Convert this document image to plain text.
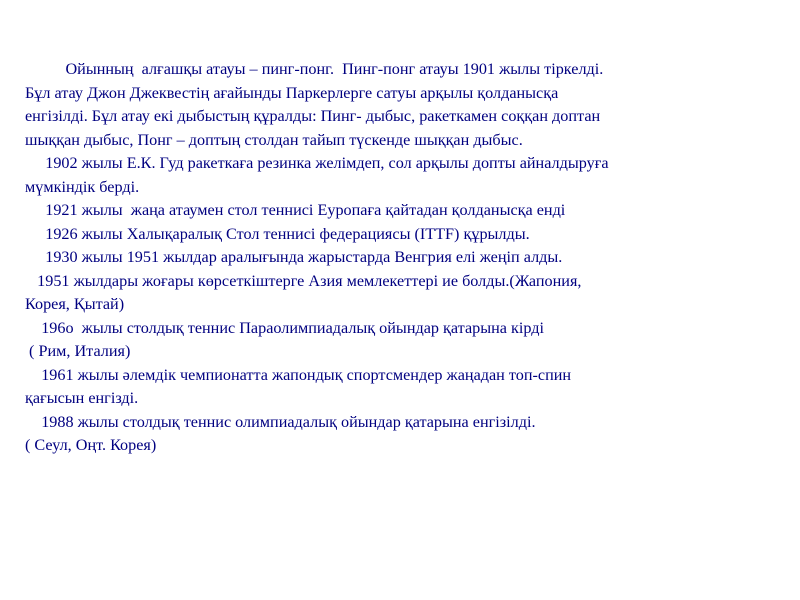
Ойынның  алғашқы атауы – пинг-понг.  Пинг-понг атауы 1901 жылы тіркелді.

Бұл атау Джон Джеквестің ағайынды Паркерлерге сатуы арқылы қолданысқа

енгізілді. Бұл атау екі дыбыстың құралды: Пинг- дыбыс, ракеткамен соққан доптан

шыққан дыбыс, Понг – доптың столдан тайып түскенде шыққан дыбыс.

1902 жылы Е.К. Гуд ракеткаға резинка желімдеп, сол арқылы допты айналдыруға

мүмкіндік берді.

1921 жылы  жаңа атаумен стол теннисі Еуропаға қайтадан қолданысқа енді

1926 жылы Халықаралық Стол теннисі федерациясы (ITTF) құрылды.

1930 жылы 1951 жылдар аралығында жарыстарда Венгрия елі жеңіп алды.

1951 жылдары жоғары көрсеткіштерге Азия мемлекеттері ие болды.(Жапония,

Корея, Қытай)

196о  жылы столдық теннис Параолимпиадалық ойындар қатарына кірді

( Рим, Италия)

1961 жылы әлемдік чемпионатта жапондық спортсмендер жаңадан топ-спин

қағысын енгізді.

1988 жылы столдық теннис олимпиадалық ойындар қатарына енгізілді.

( Сеул, Оңт. Корея)
